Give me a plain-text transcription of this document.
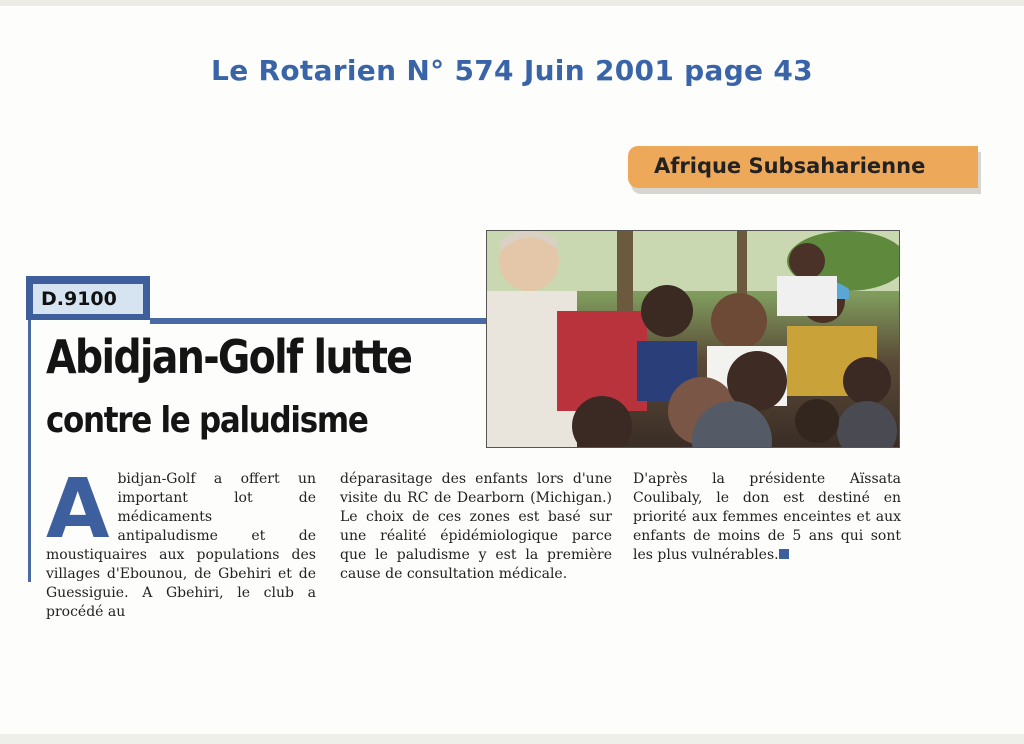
Le Rotarien N° 574 Juin 2001 page 43
Afrique Subsaharienne
D.9100
Abidjan-Golf lutte
contre le paludisme
A bidjan-Golf a offert un important lot de médicaments antipaludisme et de moustiquaires aux populations des villages d'Ebounou, de Gbehiri et de Guessiguie. A Gbehiri, le club a procédé au
déparasitage des enfants lors d'une visite du RC de Dearborn (Michigan.) Le choix de ces zones est basé sur une réalité épidémiologique parce que le paludisme y est la première cause de consultation médicale.
D'après la présidente Aïssata Coulibaly, le don est destiné en priorité aux femmes enceintes et aux enfants de moins de 5 ans qui sont les plus vulnérables.
